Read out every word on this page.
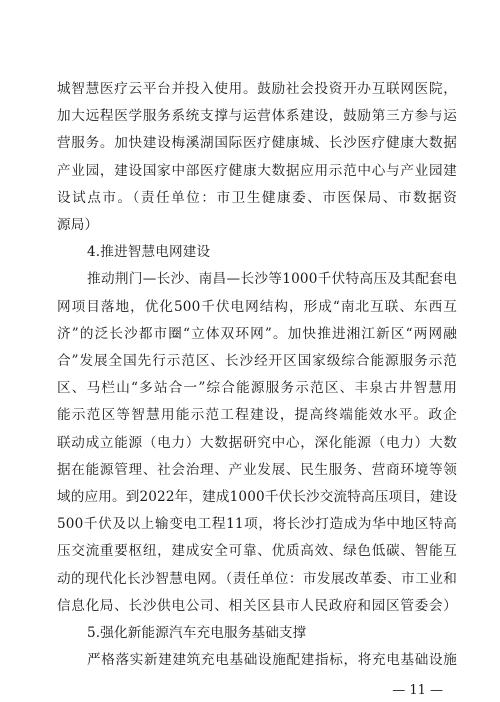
城智慧医疗云平台并投入使用。鼓励社会投资开办互联网医院，
加大远程医学服务系统支撑与运营体系建设，鼓励第三方参与运
营服务。加快建设梅溪湖国际医疗健康城、长沙医疗健康大数据
产业园，建设国家中部医疗健康大数据应用示范中心与产业园建
设试点市。（责任单位：市卫生健康委、市医保局、市数据资
源局）
4.推进智慧电网建设
推动荆门—长沙、南昌—长沙等1000千伏特高压及其配套电
网项目落地，优化500千伏电网结构，形成“南北互联、东西互
济”的泛长沙都市圈“立体双环网”。加快推进湘江新区“两网融
合”发展全国先行示范区、长沙经开区国家级综合能源服务示范
区、马栏山“多站合一”综合能源服务示范区、丰泉古井智慧用
能示范区等智慧用能示范工程建设，提高终端能效水平。政企
联动成立能源（电力）大数据研究中心，深化能源（电力）大数
据在能源管理、社会治理、产业发展、民生服务、营商环境等领
域的应用。到2022年，建成1000千伏长沙交流特高压项目，建设
500千伏及以上输变电工程11项，将长沙打造成为华中地区特高
压交流重要枢纽，建成安全可靠、优质高效、绿色低碳、智能互
动的现代化长沙智慧电网。（责任单位：市发展改革委、市工业和
信息化局、长沙供电公司、相关区县市人民政府和园区管委会）
— 11 —
5.强化新能源汽车充电服务基础支撑
严格落实新建建筑充电基础设施配建指标，将充电基础设施
